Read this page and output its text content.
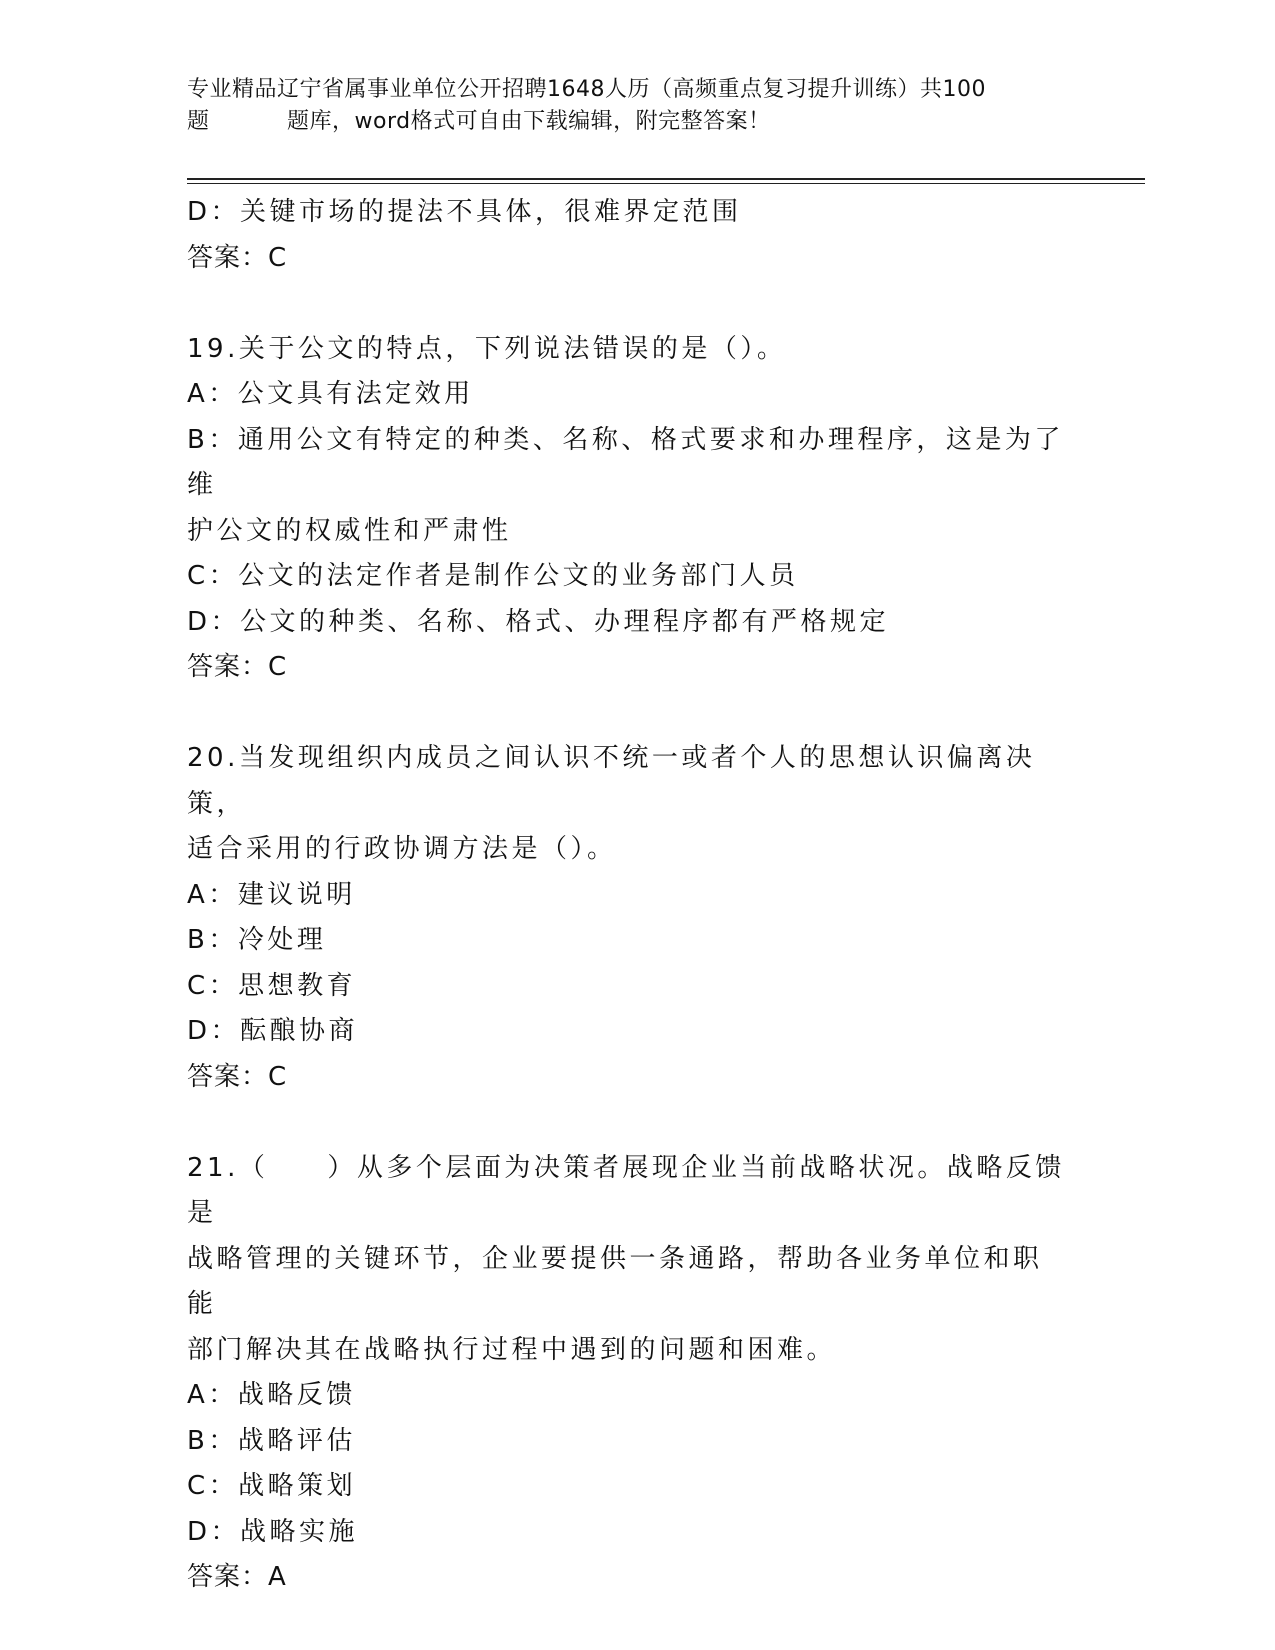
专业精品辽宁省属事业单位公开招聘1648人历（高频重点复习提升训练）共100
题	题库，word格式可自由下载编辑，附完整答案！
D：关键市场的提法不具体，很难界定范围
答案：C
19.关于公文的特点，下列说法错误的是（）。
A：公文具有法定效用
B：通用公文有特定的种类、名称、格式要求和办理程序，这是为了维
护公文的权威性和严肃性
C：公文的法定作者是制作公文的业务部门人员
D：公文的种类、名称、格式、办理程序都有严格规定
答案：C
20.当发现组织内成员之间认识不统一或者个人的思想认识偏离决策，
适合采用的行政协调方法是（）。
A：建议说明
B：冷处理
C：思想教育
D：酝酿协商
答案：C
21.（　　）从多个层面为决策者展现企业当前战略状况。战略反馈是
战略管理的关键环节，企业要提供一条通路，帮助各业务单位和职能
部门解决其在战略执行过程中遇到的问题和困难。
A：战略反馈
B：战略评估
C：战略策划
D：战略实施
答案：A
